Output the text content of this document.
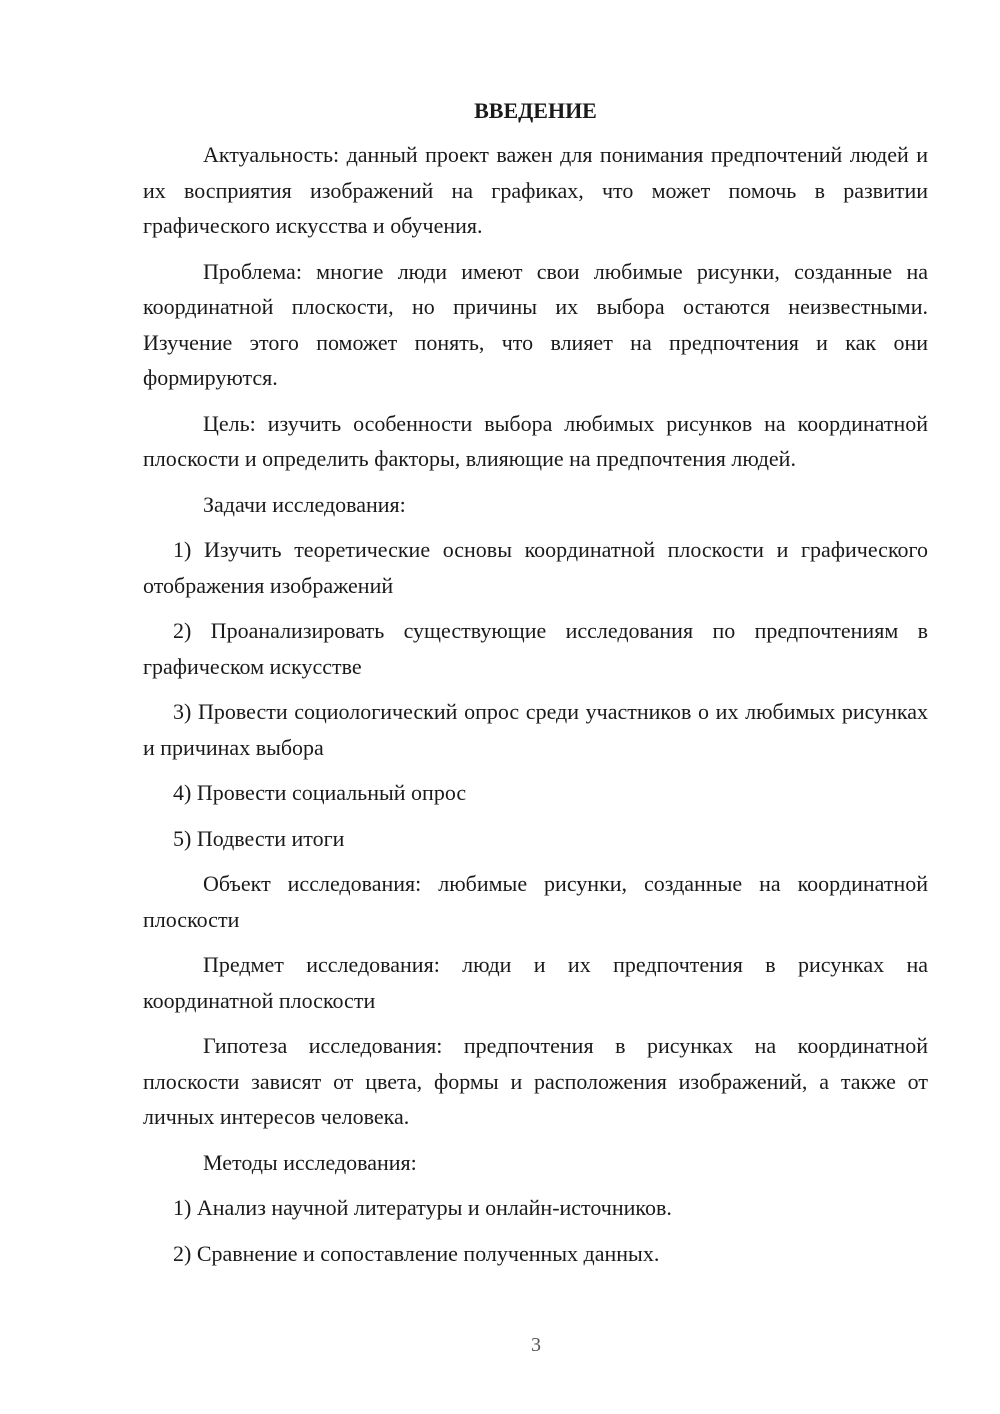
ВВЕДЕНИЕ

Актуальность: данный проект важен для понимания предпочтений людей и их восприятия изображений на графиках, что может помочь в развитии графического искусства и обучения.

Проблема: многие люди имеют свои любимые рисунки, созданные на координатной плоскости, но причины их выбора остаются неизвестными. Изучение этого поможет понять, что влияет на предпочтения и как они формируются.

Цель: изучить особенности выбора любимых рисунков на координатной плоскости и определить факторы, влияющие на предпочтения людей.

Задачи исследования:

1) Изучить теоретические основы координатной плоскости и графического отображения изображений

2) Проанализировать существующие исследования по предпочтениям в графическом искусстве

3) Провести социологический опрос среди участников о их любимых рисунках и причинах выбора

4) Провести социальный опрос

5) Подвести итоги

Объект исследования: любимые рисунки, созданные на координатной плоскости

Предмет исследования: люди и их предпочтения в рисунках на координатной плоскости

Гипотеза исследования: предпочтения в рисунках на координатной плоскости зависят от цвета, формы и расположения изображений, а также от личных интересов человека.

Методы исследования:

1) Анализ научной литературы и онлайн-источников.

2) Сравнение и сопоставление полученных данных.

3
